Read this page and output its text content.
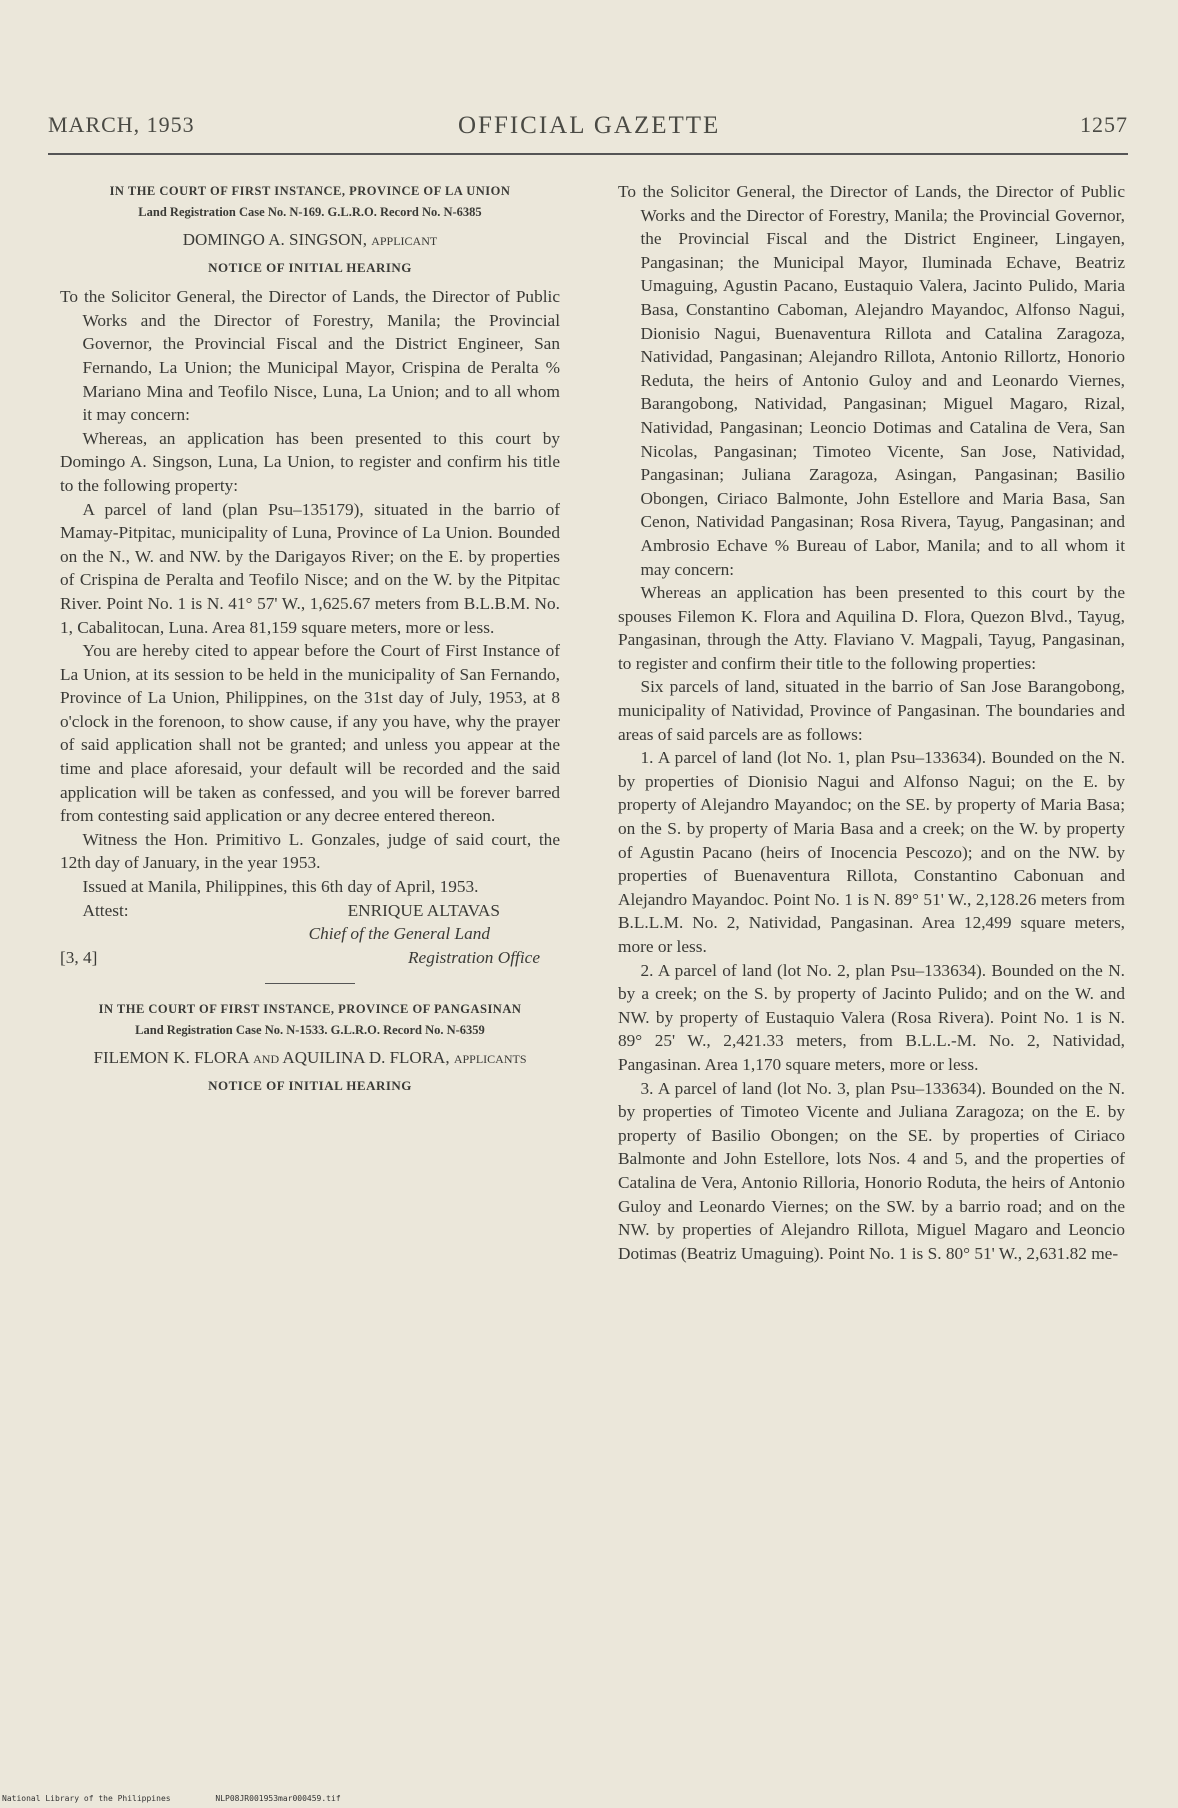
MARCH, 1953	OFFICIAL GAZETTE	1257
IN THE COURT OF FIRST INSTANCE, PROVINCE OF LA UNION
Land Registration Case No. N-169. G.L.R.O. Record No. N-6385
DOMINGO A. SINGSON, applicant
NOTICE OF INITIAL HEARING

To the Solicitor General, the Director of Lands, the Director of Public Works and the Director of Forestry, Manila; the Provincial Governor, the Provincial Fiscal and the District Engineer, San Fernando, La Union; the Municipal Mayor, Crispina de Peralta % Mariano Mina and Teofilo Nisce, Luna, La Union; and to all whom it may concern:

Whereas, an application has been presented to this court by Domingo A. Singson, Luna, La Union, to register and confirm his title to the following property:

A parcel of land (plan Psu–135179), situated in the barrio of Mamay-Pitpitac, municipality of Luna, Province of La Union. Bounded on the N., W. and NW. by the Darigayos River; on the E. by properties of Crispina de Peralta and Teofilo Nisce; and on the W. by the Pitpitac River. Point No. 1 is N. 41° 57' W., 1,625.67 meters from B.L.B.M. No. 1, Cabalitocan, Luna. Area 81,159 square meters, more or less.

You are hereby cited to appear before the Court of First Instance of La Union, at its session to be held in the municipality of San Fernando, Province of La Union, Philippines, on the 31st day of July, 1953, at 8 o'clock in the forenoon, to show cause, if any you have, why the prayer of said application shall not be granted; and unless you appear at the time and place aforesaid, your default will be recorded and the said application will be taken as confessed, and you will be forever barred from contesting said application or any decree entered thereon.

Witness the Hon. Primitivo L. Gonzales, judge of said court, the 12th day of January, in the year 1953.

Issued at Manila, Philippines, this 6th day of April, 1953.

Attest:	ENRIQUE ALTAVAS
Chief of the General Land
[3, 4]	Registration Office
IN THE COURT OF FIRST INSTANCE, PROVINCE OF PANGASINAN
Land Registration Case No. N-1533. G.L.R.O. Record No. N-6359
FILEMON K. FLORA and AQUILINA D. FLORA, applicants
NOTICE OF INITIAL HEARING

To the Solicitor General, the Director of Lands, the Director of Public Works and the Director of Forestry, Manila; the Provincial Governor, the Provincial Fiscal and the District Engineer, Lingayen, Pangasinan; the Municipal Mayor, Iluminada Echave, Beatriz Umaguing, Agustin Pacano, Eustaquio Valera, Jacinto Pulido, Maria Basa, Constantino Caboman, Alejandro Mayandoc, Alfonso Nagui, Dionisio Nagui, Buenaventura Rillota and Catalina Zaragoza, Natividad, Pangasinan; Alejandro Rillota, Antonio Rillortz, Honorio Reduta, the heirs of Antonio Guloy and and Leonardo Viernes, Barangobong, Natividad, Pangasinan; Miguel Magaro, Rizal, Natividad, Pangasinan; Leoncio Dotimas and Catalina de Vera, San Nicolas, Pangasinan; Timoteo Vicente, San Jose, Natividad, Pangasinan; Juliana Zaragoza, Asingan, Pangasinan; Basilio Obongen, Ciriaco Balmonte, John Estellore and Maria Basa, San Cenon, Natividad Pangasinan; Rosa Rivera, Tayug, Pangasinan; and Ambrosio Echave % Bureau of Labor, Manila; and to all whom it may concern:

Whereas an application has been presented to this court by the spouses Filemon K. Flora and Aquilina D. Flora, Quezon Blvd., Tayug, Pangasinan, through the Atty. Flaviano V. Magpali, Tayug, Pangasinan, to register and confirm their title to the following properties:

Six parcels of land, situated in the barrio of San Jose Barangobong, municipality of Natividad, Province of Pangasinan. The boundaries and areas of said parcels are as follows:

1. A parcel of land (lot No. 1, plan Psu–133634). Bounded on the N. by properties of Dionisio Nagui and Alfonso Nagui; on the E. by property of Alejandro Mayandoc; on the SE. by property of Maria Basa; on the S. by property of Maria Basa and a creek; on the W. by property of Agustin Pacano (heirs of Inocencia Pescozo); and on the NW. by properties of Buenaventura Rillota, Constantino Cabonuan and Alejandro Mayandoc. Point No. 1 is N. 89° 51' W., 2,128.26 meters from B.L.L.M. No. 2, Natividad, Pangasinan. Area 12,499 square meters, more or less.

2. A parcel of land (lot No. 2, plan Psu–133634). Bounded on the N. by a creek; on the S. by property of Jacinto Pulido; and on the W. and NW. by property of Eustaquio Valera (Rosa Rivera). Point No. 1 is N. 89° 25' W., 2,421.33 meters, from B.L.L.-M. No. 2, Natividad, Pangasinan. Area 1,170 square meters, more or less.

3. A parcel of land (lot No. 3, plan Psu–133634). Bounded on the N. by properties of Timoteo Vicente and Juliana Zaragoza; on the E. by property of Basilio Obongen; on the SE. by properties of Ciriaco Balmonte and John Estellore, lots Nos. 4 and 5, and the properties of Catalina de Vera, Antonio Rilloria, Honorio Roduta, the heirs of Antonio Guloy and Leonardo Viernes; on the SW. by a barrio road; and on the NW. by properties of Alejandro Rillota, Miguel Magaro and Leoncio Dotimas (Beatriz Umaguing). Point No. 1 is S. 80° 51' W., 2,631.82 me-

National Library of the Philippines	NLP08JR001953mar000459.tif
